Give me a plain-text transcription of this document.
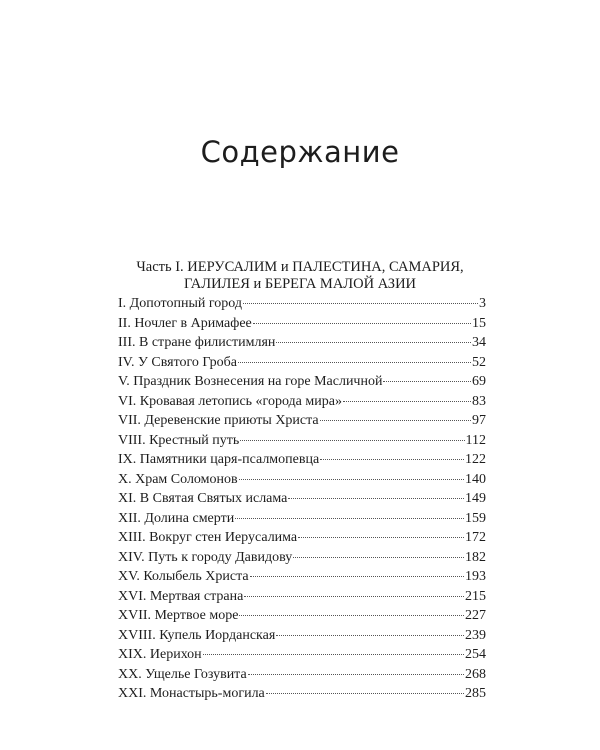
Содержание
Часть I. ИЕРУСАЛИМ и ПАЛЕСТИНА, САМАРИЯ,
ГАЛИЛЕЯ и БЕРЕГА МАЛОЙ АЗИИ
I. Допотопный город	3
II. Ночлег в Аримафее	15
III. В стране филистимлян	34
IV. У Святого Гроба	52
V. Праздник Вознесения на горе Масличной	69
VI. Кровавая летопись «города мира»	83
VII. Деревенские приюты Христа	97
VIII. Крестный путь	112
IX. Памятники царя-псалмопевца	122
X. Храм Соломонов	140
XI. В Святая Святых ислама	149
XII. Долина смерти	159
XIII. Вокруг стен Иерусалима	172
XIV. Путь к городу Давидову	182
XV. Колыбель Христа	193
XVI. Мертвая страна	215
XVII. Мертвое море	227
XVIII. Купель Иорданская	239
XIX. Иерихон	254
XX. Ущелье Гозувита	268
XXI. Монастырь-могила	285
